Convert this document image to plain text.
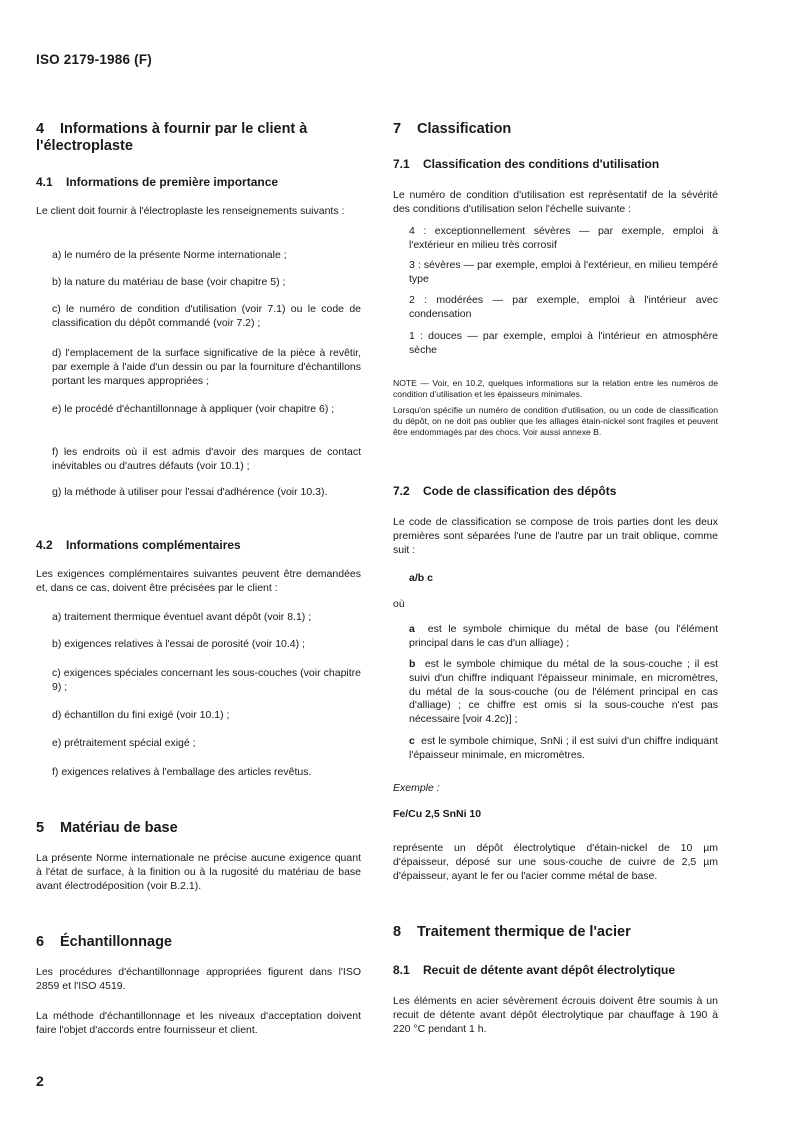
ISO 2179-1986 (F)
4 Informations à fournir par le client à l'électroplaste
4.1 Informations de première importance
Le client doit fournir à l'électroplaste les renseignements suivants :
a) le numéro de la présente Norme internationale ;
b) la nature du matériau de base (voir chapitre 5) ;
c) le numéro de condition d'utilisation (voir 7.1) ou le code de classification du dépôt commandé (voir 7.2) ;
d) l'emplacement de la surface significative de la pièce à revêtir, par exemple à l'aide d'un dessin ou par la fourniture d'échantillons portant les marques appropriées ;
e) le procédé d'échantillonnage à appliquer (voir chapitre 6) ;
f) les endroits où il est admis d'avoir des marques de contact inévitables ou d'autres défauts (voir 10.1) ;
g) la méthode à utiliser pour l'essai d'adhérence (voir 10.3).
4.2 Informations complémentaires
Les exigences complémentaires suivantes peuvent être demandées et, dans ce cas, doivent être précisées par le client :
a) traitement thermique éventuel avant dépôt (voir 8.1) ;
b) exigences relatives à l'essai de porosité (voir 10.4) ;
c) exigences spéciales concernant les sous-couches (voir chapitre 9) ;
d) échantillon du fini exigé (voir 10.1) ;
e) prétraitement spécial exigé ;
f) exigences relatives à l'emballage des articles revêtus.
5 Matériau de base
La présente Norme internationale ne précise aucune exigence quant à l'état de surface, à la finition ou à la rugosité du matériau de base avant électrodéposition (voir B.2.1).
6 Échantillonnage
Les procédures d'échantillonnage appropriées figurent dans l'ISO 2859 et l'ISO 4519.
La méthode d'échantillonnage et les niveaux d'acceptation doivent faire l'objet d'accords entre fournisseur et client.
7 Classification
7.1 Classification des conditions d'utilisation
Le numéro de condition d'utilisation est représentatif de la sévérité des conditions d'utilisation selon l'échelle suivante :
4 : exceptionnellement sévères — par exemple, emploi à l'extérieur en milieu très corrosif
3 : sévères — par exemple, emploi à l'extérieur, en milieu tempéré type
2 : modérées — par exemple, emploi à l'intérieur avec condensation
1 : douces — par exemple, emploi à l'intérieur en atmosphère sèche
NOTE — Voir, en 10.2, quelques informations sur la relation entre les numéros de condition d'utilisation et les épaisseurs minimales.
Lorsqu'on spécifie un numéro de condition d'utilisation, ou un code de classification du dépôt, on ne doit pas oublier que les alliages étain-nickel sont fragiles et peuvent être endommagés par des chocs. Voir aussi annexe B.
7.2 Code de classification des dépôts
Le code de classification se compose de trois parties dont les deux premières sont séparées l'une de l'autre par un trait oblique, comme suit :
a/b c
où
a est le symbole chimique du métal de base (ou l'élément principal dans le cas d'un alliage) ;
b est le symbole chimique du métal de la sous-couche ; il est suivi d'un chiffre indiquant l'épaisseur minimale, en micromètres, du métal de la sous-couche (ou de l'élément principal en cas d'alliage) ; ce chiffre est omis si la sous-couche n'est pas nécessaire [voir 4.2c)] ;
c est le symbole chimique, SnNi ; il est suivi d'un chiffre indiquant l'épaisseur minimale, en micromètres.
Exemple :
Fe/Cu 2,5 SnNi 10
représente un dépôt électrolytique d'étain-nickel de 10 µm d'épaisseur, déposé sur une sous-couche de cuivre de 2,5 µm d'épaisseur, ayant le fer ou l'acier comme métal de base.
8 Traitement thermique de l'acier
8.1 Recuit de détente avant dépôt électrolytique
Les éléments en acier sévèrement écrouis doivent être soumis à un recuit de détente avant dépôt électrolytique par chauffage à 190 à 220 °C pendant 1 h.
2
